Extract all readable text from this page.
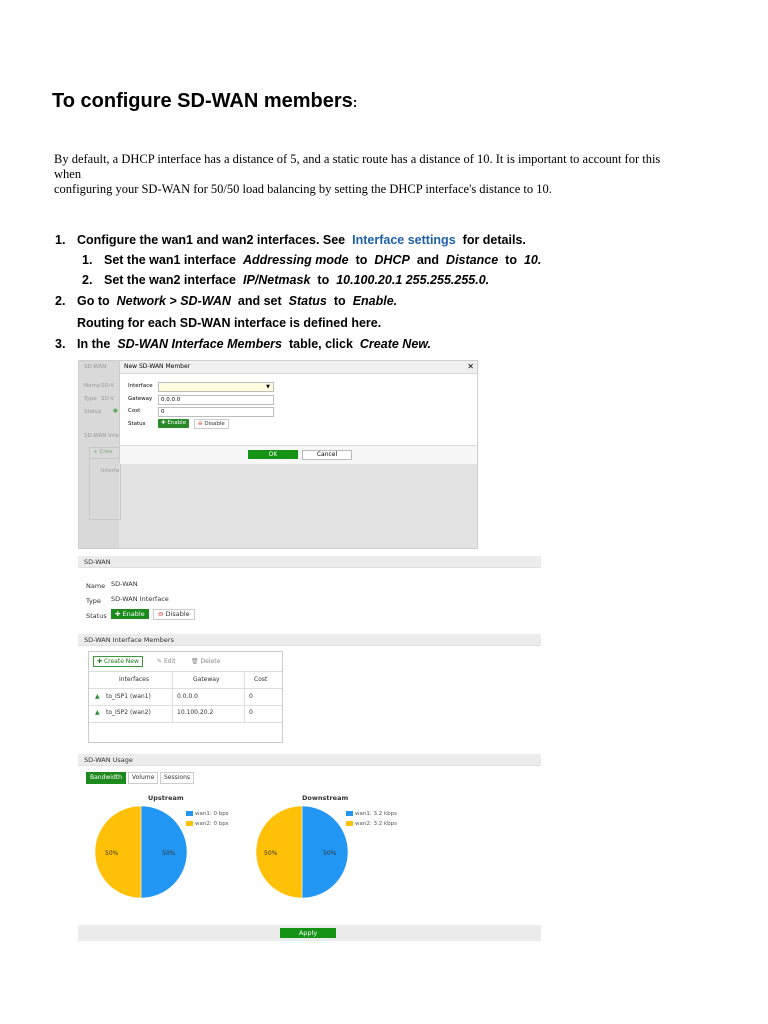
To configure SD-WAN members:
By default, a DHCP interface has a distance of 5, and a static route has a distance of 10. It is important to account for this
when
configuring your SD-WAN for 50/50 load balancing by setting the DHCP interface's distance to 10.
1. Configure the wan1 and wan2 interfaces. See Interface settings for details.
1. Set the wan1 interface Addressing mode to DHCP and Distance to 10.
2. Set the wan2 interface IP/Netmask to 10.100.20.1 255.255.255.0.
2. Go to Network > SD-WAN and set Status to Enable.
Routing for each SD-WAN interface is defined here.
3. In the SD-WAN Interface Members table, click Create New.
SD-WAN
Name SD-V
Type SD-V
Status ●
SD-WAN Inte
+ Crea
Interfa
New SD-WAN Member	✕
Interface	▼
Gateway	0.0.0.0
Cost	0
Status	✚ Enable	⊖ Disable
OK	Cancel
SD-WAN
Name SD-WAN
Type SD-WAN Interface
Status	✚ Enable	⊖ Disable
SD-WAN Interface Members
✚ Create New	✎ Edit	🗑 Delete
Interfaces	Gateway	Cost
▲ to_ISP1 (wan1)	0.0.0.0	0
▲ to_ISP2 (wan2)	10.100.20.2	0
SD-WAN Usage
Bandwidth	Volume	Sessions
Upstream
50%	50%
wan1: 0 bps
wan2: 0 bps
Downstream
50%	50%
wan1: 3.2 kbps
wan2: 3.2 kbps
Apply
